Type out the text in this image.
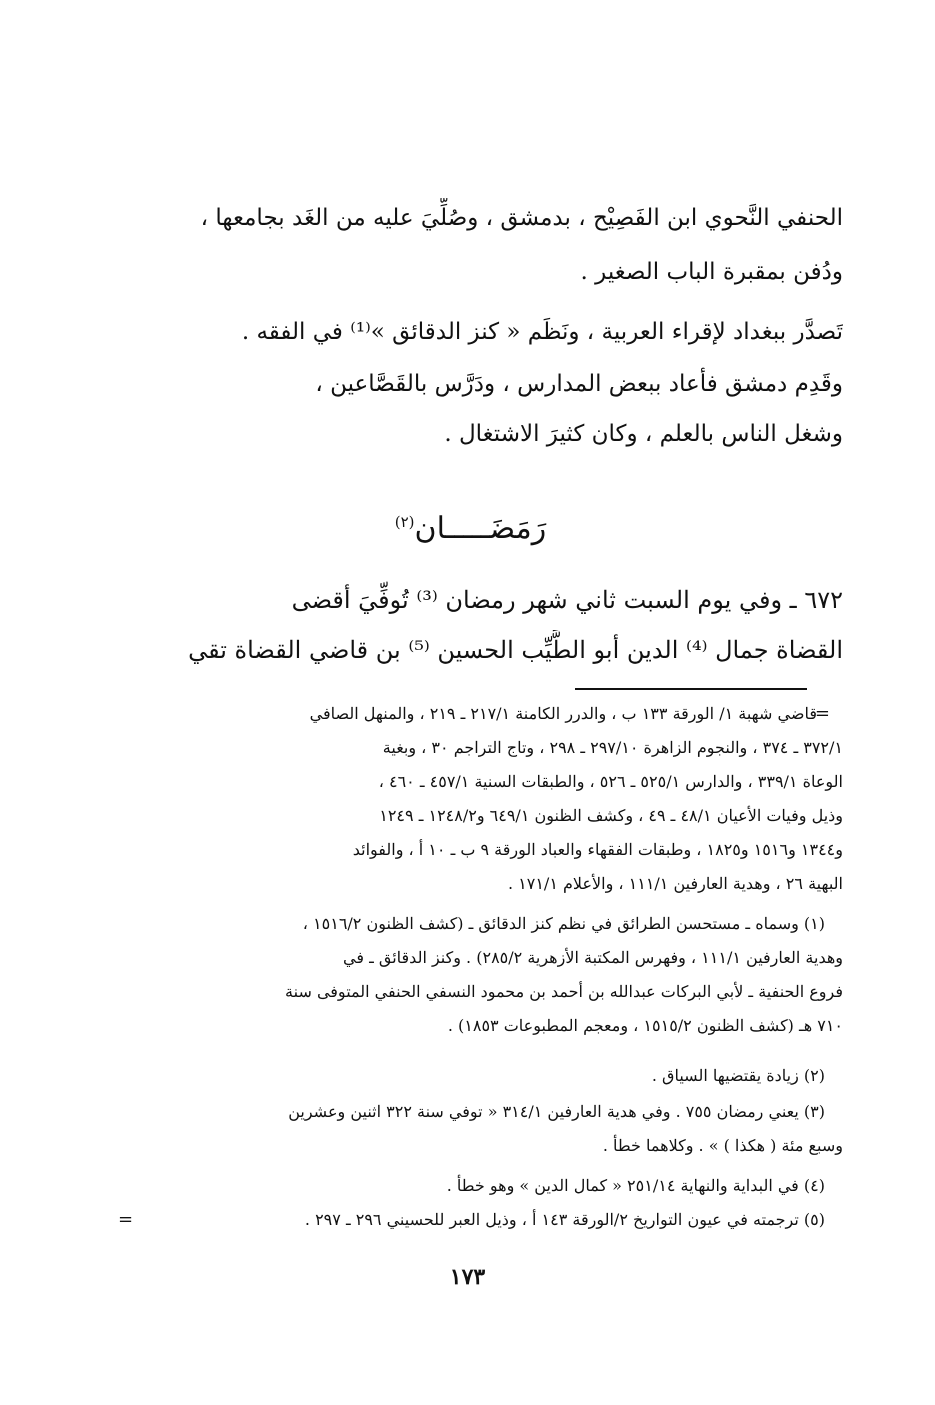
الحنفي النَّحوي ابن الفَصِيْح ، بدمشق ، وصُلِّيَ عليه من الغَد بجامعها ،
ودُفن بمقبرة الباب الصغير .
تَصدَّر ببغداد لإقراء العربية ، ونَظَم « كنز الدقائق »⁽¹⁾ في الفقه .
وقَدِم دمشق فأعاد ببعض المدارس ، ودَرَّس بالقَصَّاعين ،
وشغل الناس بالعلم ، وكان كثيرَ الاشتغال .
رَمَضَـــــان$^{(٢)}$
٦٧٢ ـ وفي يوم السبت ثاني شهر رمضان ⁽³⁾ تُوفِّيَ أقضى
القضاة جمال ⁽⁴⁾ الدين أبو الطَّيِّب الحسين ⁽⁵⁾ بن قاضي القضاة تقي
=
قاضي شهبة ١/ الورقة ١٣٣ ب ، والدرر الكامنة ٢١٧/١ ـ ٢١٩ ، والمنهل الصافي
٣٧٢/١ ـ ٣٧٤ ، والنجوم الزاهرة ٢٩٧/١٠ ـ ٢٩٨ ، وتاج التراجم ٣٠ ، وبغية
الوعاة ٣٣٩/١ ، والدارس ٥٢٥/١ ـ ٥٢٦ ، والطبقات السنية ٤٥٧/١ ـ ٤٦٠ ،
وذيل وفيات الأعيان ٤٨/١ ـ ٤٩ ، وكشف الظنون ٦٤٩/١ و١٢٤٨/٢ ـ ١٢٤٩
و١٣٤٤ و١٥١٦ و١٨٢٥ ، وطبقات الفقهاء والعباد الورقة ٩ ب ـ ١٠ أ ، والفوائد
البهية ٢٦ ، وهدية العارفين ١١١/١ ، والأعلام ١٧١/١ .
(١) وسماه ـ مستحسن الطرائق في نظم كنز الدقائق ـ (كشف الظنون ١٥١٦/٢ ،
وهدية العارفين ١١١/١ ، وفهرس المكتبة الأزهرية ٢٨٥/٢) . وكنز الدقائق ـ في
فروع الحنفية ـ لأبي البركات عبدالله بن أحمد بن محمود النسفي الحنفي المتوفى سنة
٧١٠ هـ (كشف الظنون ١٥١٥/٢ ، ومعجم المطبوعات ١٨٥٣) .
(٢) زيادة يقتضيها السياق .
(٣) يعني رمضان ٧٥٥ . وفي هدية العارفين ٣١٤/١ « توفي سنة ٣٢٢ اثنين وعشرين
وسبع مئة ( هكذا ) » . وكلاهما خطأ .
(٤) في البداية والنهاية ٢٥١/١٤ « كمال الدين » وهو خطأ .
(٥) ترجمته في عيون التواريخ ٢/الورقة ١٤٣ أ ، وذيل العبر للحسيني ٢٩٦ ـ ٢٩٧ .
=
١٧٣
